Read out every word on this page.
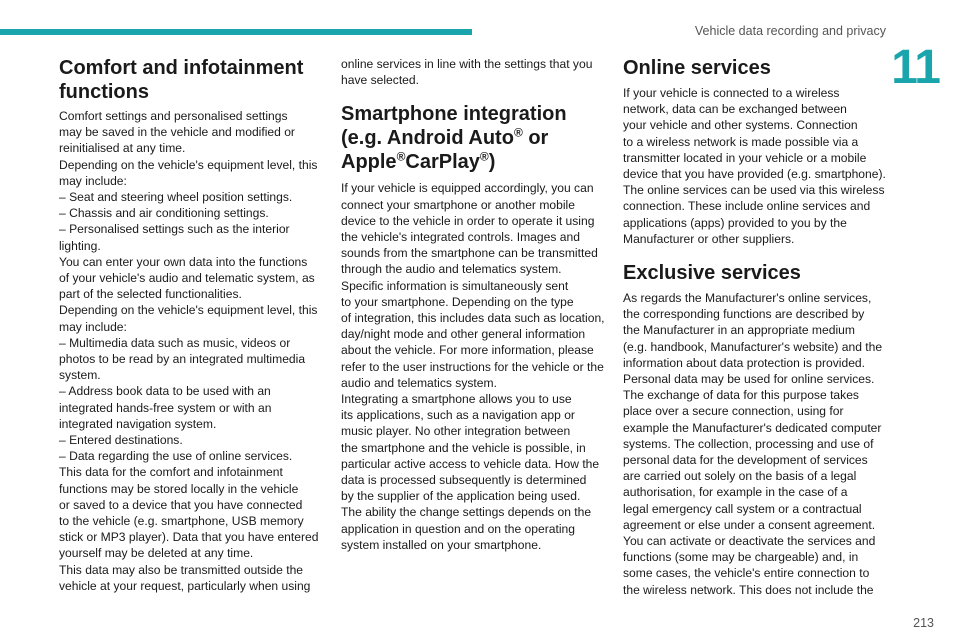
Vehicle data recording and privacy
11
Comfort and infotainment
functions
Comfort settings and personalised settings
may be saved in the vehicle and modified or
reinitialised at any time.
Depending on the vehicle's equipment level, this
may include:
– Seat and steering wheel position settings.
– Chassis and air conditioning settings.
– Personalised settings such as the interior
lighting.
You can enter your own data into the functions
of your vehicle's audio and telematic system, as
part of the selected functionalities.
Depending on the vehicle's equipment level, this
may include:
– Multimedia data such as music, videos or
photos to be read by an integrated multimedia
system.
– Address book data to be used with an
integrated hands-free system or with an
integrated navigation system.
– Entered destinations.
– Data regarding the use of online services.
This data for the comfort and infotainment
functions may be stored locally in the vehicle
or saved to a device that you have connected
to the vehicle (e.g. smartphone, USB memory
stick or MP3 player). Data that you have entered
yourself may be deleted at any time.
This data may also be transmitted outside the
vehicle at your request, particularly when using
online services in line with the settings that you
have selected.
Smartphone integration
(e.g. Android Auto® or
Apple®CarPlay®)
If your vehicle is equipped accordingly, you can
connect your smartphone or another mobile
device to the vehicle in order to operate it using
the vehicle's integrated controls. Images and
sounds from the smartphone can be transmitted
through the audio and telematics system.
Specific information is simultaneously sent
to your smartphone. Depending on the type
of integration, this includes data such as location,
day/night mode and other general information
about the vehicle. For more information, please
refer to the user instructions for the vehicle or the
audio and telematics system.
Integrating a smartphone allows you to use
its applications, such as a navigation app or
music player. No other integration between
the smartphone and the vehicle is possible, in
particular active access to vehicle data. How the
data is processed subsequently is determined
by the supplier of the application being used.
The ability the change settings depends on the
application in question and on the operating
system installed on your smartphone.
Online services
If your vehicle is connected to a wireless
network, data can be exchanged between
your vehicle and other systems. Connection
to a wireless network is made possible via a
transmitter located in your vehicle or a mobile
device that you have provided (e.g. smartphone).
The online services can be used via this wireless
connection. These include online services and
applications (apps) provided to you by the
Manufacturer or other suppliers.
Exclusive services
As regards the Manufacturer's online services,
the corresponding functions are described by
the Manufacturer in an appropriate medium
(e.g. handbook, Manufacturer's website) and the
information about data protection is provided.
Personal data may be used for online services.
The exchange of data for this purpose takes
place over a secure connection, using for
example the Manufacturer's dedicated computer
systems. The collection, processing and use of
personal data for the development of services
are carried out solely on the basis of a legal
authorisation, for example in the case of a
legal emergency call system or a contractual
agreement or else under a consent agreement.
You can activate or deactivate the services and
functions (some may be chargeable) and, in
some cases, the vehicle's entire connection to
the wireless network. This does not include the
213
